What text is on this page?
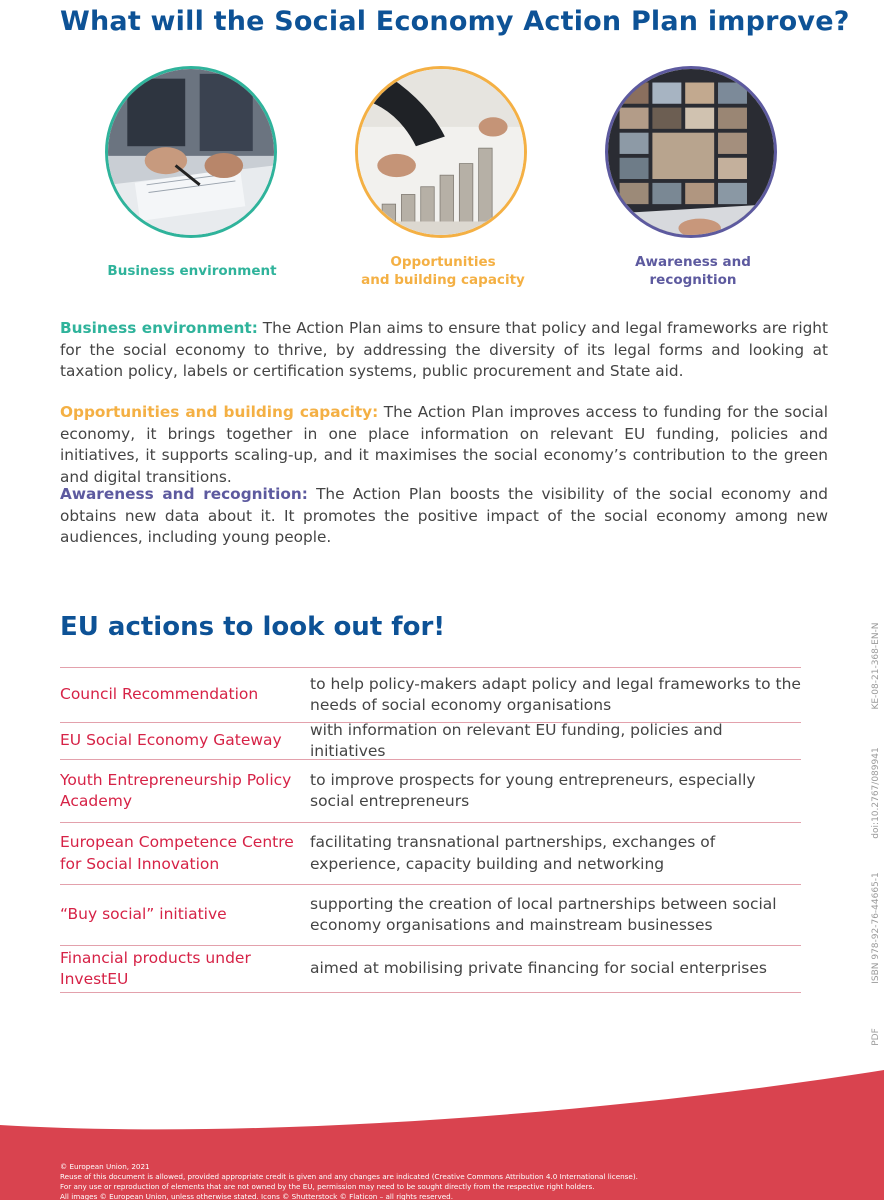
What will the Social Economy Action Plan improve?
Business environment
Opportunities
and building capacity
Awareness and
recognition

Business environment: The Action Plan aims to ensure that policy and legal frameworks are right for the social economy to thrive, by addressing the diversity of its legal forms and looking at taxation policy, labels or certification systems, public procurement and State aid.

Opportunities and building capacity: The Action Plan improves access to funding for the social economy, it brings together in one place information on relevant EU funding, policies and initiatives, it supports scaling-up, and it maximises the social economy’s contribution to the green and digital transitions.

Awareness and recognition: The Action Plan boosts the visibility of the social economy and obtains new data about it. It promotes the positive impact of the social economy among new audiences, including young people.

EU actions to look out for!
Council Recommendation
to help policy-makers adapt policy and legal frameworks to the needs of social economy organisations
EU Social Economy Gateway
with information on relevant EU funding, policies and initiatives
Youth Entrepreneurship Policy Academy
to improve prospects for young entrepreneurs, especially social entrepreneurs
European Competence Centre for Social Innovation
facilitating transnational partnerships, exchanges of experience, capacity building and networking
“Buy social” initiative
supporting the creation of local partnerships between social economy organisations and mainstream businesses
Financial products under InvestEU
aimed at mobilising private financing for social enterprises
KE-08-21-368-EN-N
doi:10.2767/089941
ISBN 978-92-76-44665-1
PDF
© European Union, 2021
Reuse of this document is allowed, provided appropriate credit is given and any changes are indicated (Creative Commons Attribution 4.0 International license).
For any use or reproduction of elements that are not owned by the EU, permission may need to be sought directly from the respective right holders.
All images © European Union, unless otherwise stated. Icons © Shutterstock © Flaticon – all rights reserved.
